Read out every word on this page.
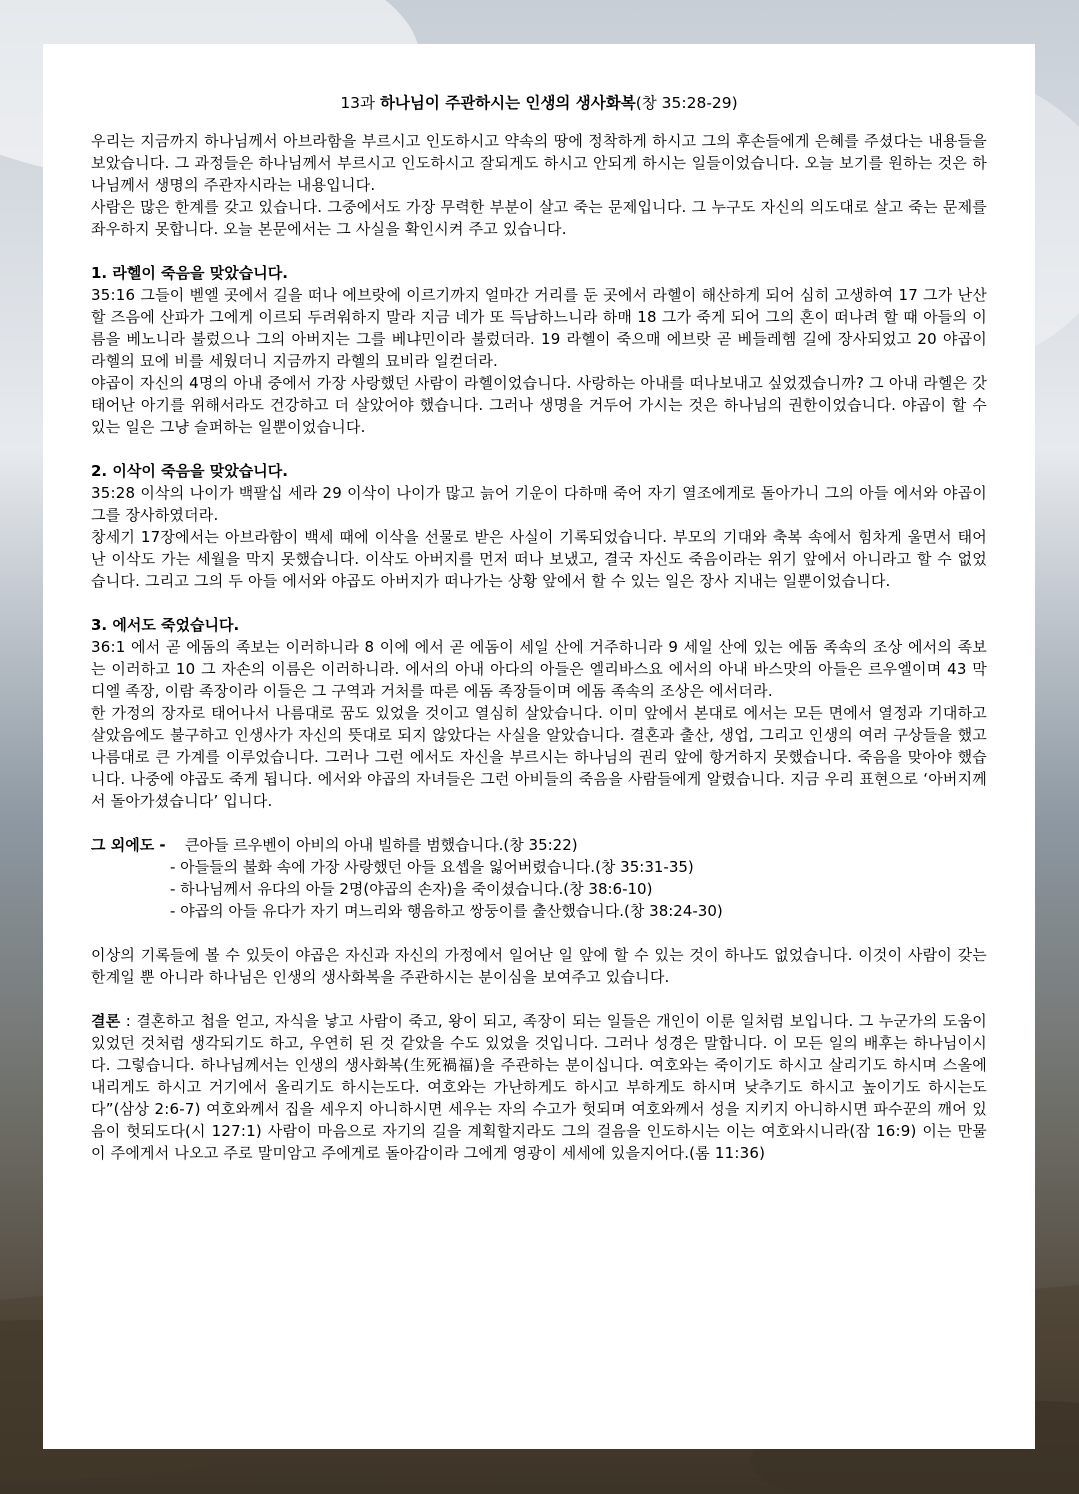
13과 하나님이 주관하시는 인생의 생사화복(창 35:28-29)

우리는 지금까지 하나님께서 아브라함을 부르시고 인도하시고 약속의 땅에 정착하게 하시고 그의 후손들에게 은혜를 주셨다는 내용들을 보았습니다. 그 과정들은 하나님께서 부르시고 인도하시고 잘되게도 하시고 안되게 하시는 일들이었습니다. 오늘 보기를 원하는 것은 하나님께서 생명의 주관자시라는 내용입니다.

사람은 많은 한계를 갖고 있습니다. 그중에서도 가장 무력한 부분이 살고 죽는 문제입니다. 그 누구도 자신의 의도대로 살고 죽는 문제를 좌우하지 못합니다. 오늘 본문에서는 그 사실을 확인시켜 주고 있습니다.

1. 라헬이 죽음을 맞았습니다.

35:16 그들이 벧엘 곳에서 길을 떠나 에브랏에 이르기까지 얼마간 거리를 둔 곳에서 라헬이 해산하게 되어 심히 고생하여 17 그가 난산할 즈음에 산파가 그에게 이르되 두려워하지 말라 지금 네가 또 득남하느니라 하매 18 그가 죽게 되어 그의 혼이 떠나려 할 때 아들의 이름을 베노니라 불렀으나 그의 아버지는 그를 베냐민이라 불렀더라. 19 라헬이 죽으매 에브랏 곧 베들레헴 길에 장사되었고 20 야곱이 라헬의 묘에 비를 세웠더니 지금까지 라헬의 묘비라 일컫더라.

야곱이 자신의 4명의 아내 중에서 가장 사랑했던 사람이 라헬이었습니다. 사랑하는 아내를 떠나보내고 싶었겠습니까? 그 아내 라헬은 갓 태어난 아기를 위해서라도 건강하고 더 살았어야 했습니다. 그러나 생명을 거두어 가시는 것은 하나님의 권한이었습니다. 야곱이 할 수 있는 일은 그냥 슬퍼하는 일뿐이었습니다.

2. 이삭이 죽음을 맞았습니다.

35:28 이삭의 나이가 백팔십 세라 29 이삭이 나이가 많고 늙어 기운이 다하매 죽어 자기 열조에게로 돌아가니 그의 아들 에서와 야곱이 그를 장사하였더라.

창세기 17장에서는 아브라함이 백세 때에 이삭을 선물로 받은 사실이 기록되었습니다. 부모의 기대와 축복 속에서 힘차게 울면서 태어난 이삭도 가는 세월을 막지 못했습니다. 이삭도 아버지를 먼저 떠나 보냈고, 결국 자신도 죽음이라는 위기 앞에서 아니라고 할 수 없었습니다. 그리고 그의 두 아들 에서와 야곱도 아버지가 떠나가는 상황 앞에서 할 수 있는 일은 장사 지내는 일뿐이었습니다.

3. 에서도 죽었습니다.

36:1 에서 곧 에돔의 족보는 이러하니라 8 이에 에서 곧 에돔이 세일 산에 거주하니라 9 세일 산에 있는 에돔 족속의 조상 에서의 족보는 이러하고 10 그 자손의 이름은 이러하니라. 에서의 아내 아다의 아들은 엘리바스요 에서의 아내 바스맛의 아들은 르우엘이며 43 막디엘 족장, 이람 족장이라 이들은 그 구역과 거처를 따른 에돔 족장들이며 에돔 족속의 조상은 에서더라.

한 가정의 장자로 태어나서 나름대로 꿈도 있었을 것이고 열심히 살았습니다. 이미 앞에서 본대로 에서는 모든 면에서 열정과 기대하고 살았음에도 불구하고 인생사가 자신의 뜻대로 되지 않았다는 사실을 알았습니다. 결혼과 출산, 생업, 그리고 인생의 여러 구상들을 했고 나름대로 큰 가계를 이루었습니다. 그러나 그런 에서도 자신을 부르시는 하나님의 권리 앞에 항거하지 못했습니다. 죽음을 맞아야 했습니다. 나중에 야곱도 죽게 됩니다. 에서와 야곱의 자녀들은 그런 아비들의 죽음을 사람들에게 알렸습니다. 지금 우리 표현으로 ‘아버지께서 돌아가셨습니다’ 입니다.

그 외에도 -	큰아들 르우벤이 아비의 아내 빌하를 범했습니다.(창 35:22)
- 아들들의 불화 속에 가장 사랑했던 아들 요셉을 잃어버렸습니다.(창 35:31-35)
- 하나님께서 유다의 아들 2명(야곱의 손자)을 죽이셨습니다.(창 38:6-10)
- 야곱의 아들 유다가 자기 며느리와 행음하고 쌍둥이를 출산했습니다.(창 38:24-30)

이상의 기록들에 볼 수 있듯이 야곱은 자신과 자신의 가정에서 일어난 일 앞에 할 수 있는 것이 하나도 없었습니다. 이것이 사람이 갖는 한계일 뿐 아니라 하나님은 인생의 생사화복을 주관하시는 분이심을 보여주고 있습니다.

결론 : 결혼하고 첩을 얻고, 자식을 낳고 사람이 죽고, 왕이 되고, 족장이 되는 일들은 개인이 이룬 일처럼 보입니다. 그 누군가의 도움이 있었던 것처럼 생각되기도 하고, 우연히 된 것 같았을 수도 있었을 것입니다. 그러나 성경은 말합니다. 이 모든 일의 배후는 하나님이시다. 그렇습니다. 하나님께서는 인생의 생사화복(生死禍福)을 주관하는 분이십니다. 여호와는 죽이기도 하시고 살리기도 하시며 스올에 내리게도 하시고 거기에서 올리기도 하시는도다. 여호와는 가난하게도 하시고 부하게도 하시며 낮추기도 하시고 높이기도 하시는도다”(삼상 2:6-7) 여호와께서 집을 세우지 아니하시면 세우는 자의 수고가 헛되며 여호와께서 성을 지키지 아니하시면 파수꾼의 깨어 있음이 헛되도다(시 127:1) 사람이 마음으로 자기의 길을 계획할지라도 그의 걸음을 인도하시는 이는 여호와시니라(잠 16:9) 이는 만물이 주에게서 나오고 주로 말미암고 주에게로 돌아감이라 그에게 영광이 세세에 있을지어다.(롬 11:36)
